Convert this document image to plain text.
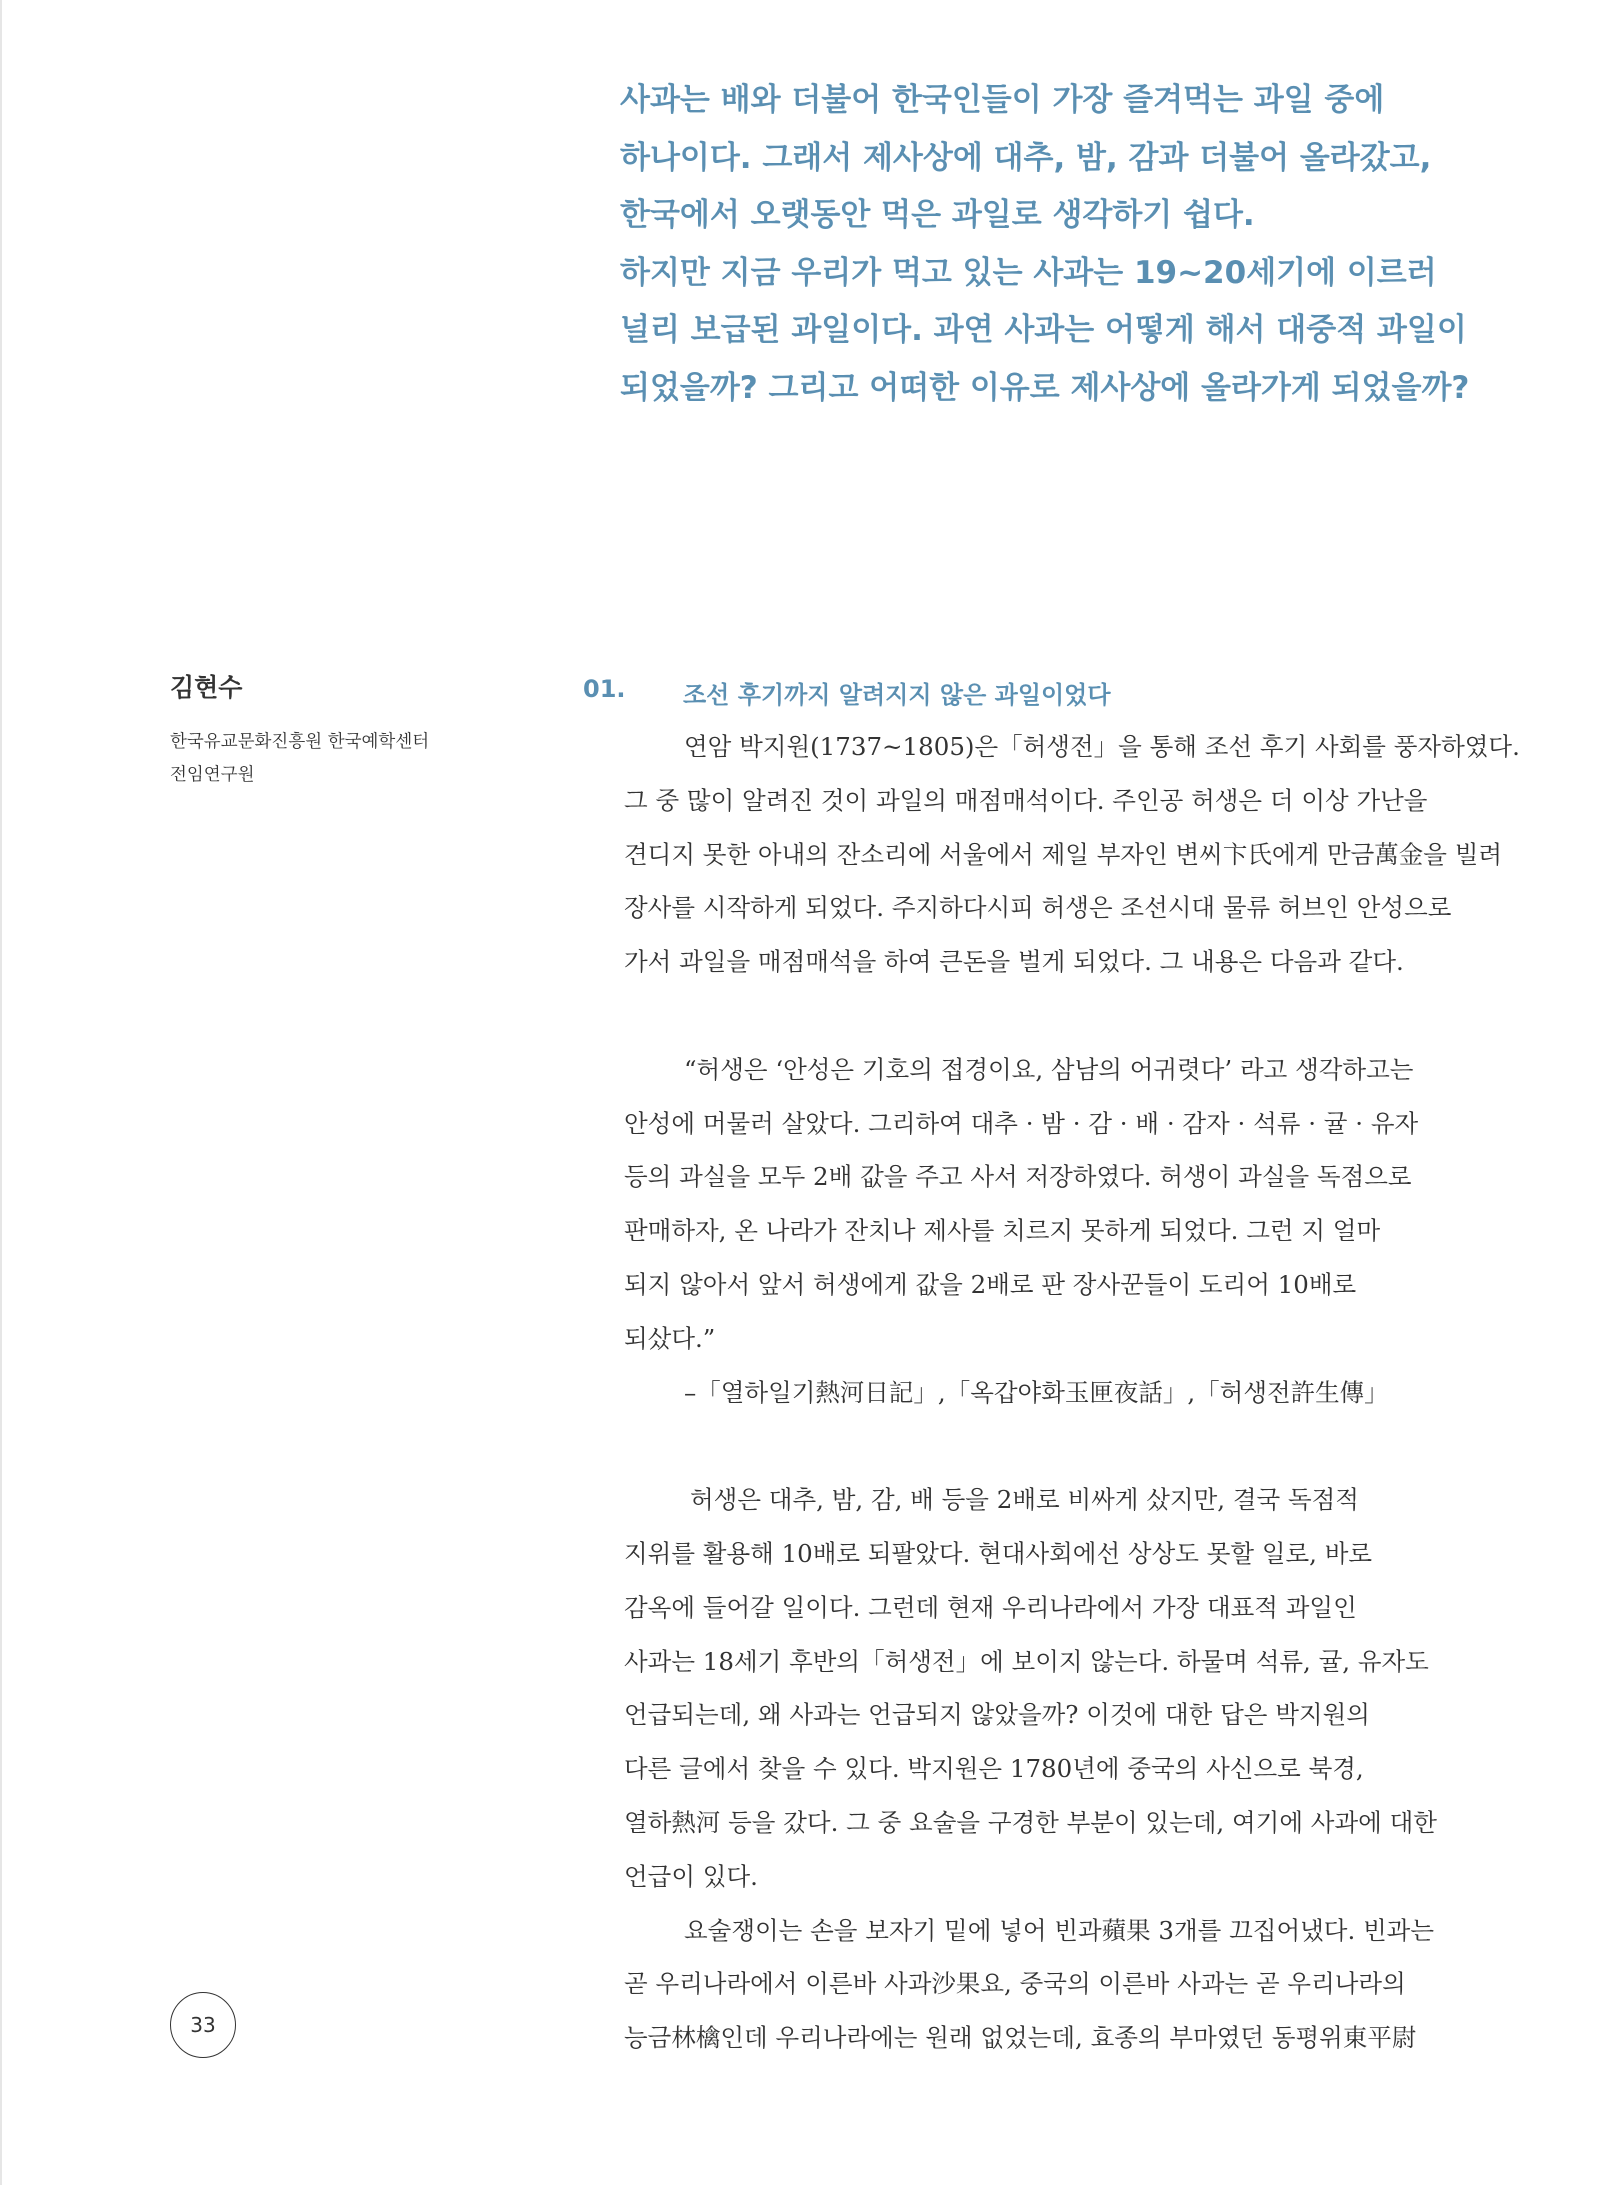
사과는 배와 더불어 한국인들이 가장 즐겨먹는 과일 중에
하나이다. 그래서 제사상에 대추, 밤, 감과 더불어 올라갔고,
한국에서 오랫동안 먹은 과일로 생각하기 쉽다.
하지만 지금 우리가 먹고 있는 사과는 19~20세기에 이르러
널리 보급된 과일이다. 과연 사과는 어떻게 해서 대중적 과일이
되었을까? 그리고 어떠한 이유로 제사상에 올라가게 되었을까?
김현수
한국유교문화진흥원 한국예학센터
전임연구원
01. 조선 후기까지 알려지지 않은 과일이었다
연암 박지원(1737~1805)은「허생전」을 통해 조선 후기 사회를 풍자하였다.
그 중 많이 알려진 것이 과일의 매점매석이다. 주인공 허생은 더 이상 가난을
견디지 못한 아내의 잔소리에 서울에서 제일 부자인 변씨卞氏에게 만금萬金을 빌려
장사를 시작하게 되었다. 주지하다시피 허생은 조선시대 물류 허브인 안성으로
가서 과일을 매점매석을 하여 큰돈을 벌게 되었다. 그 내용은 다음과 같다.
“허생은 ‘안성은 기호의 접경이요, 삼남의 어귀렷다’ 라고 생각하고는
안성에 머물러 살았다. 그리하여 대추 · 밤 · 감 · 배 · 감자 · 석류 · 귤 · 유자
등의 과실을 모두 2배 값을 주고 사서 저장하였다. 허생이 과실을 독점으로
판매하자, 온 나라가 잔치나 제사를 치르지 못하게 되었다. 그런 지 얼마
되지 않아서 앞서 허생에게 값을 2배로 판 장사꾼들이 도리어 10배로
되샀다.”
–「열하일기熱河日記」,「옥갑야화玉匣夜話」,「허생전許生傳」
허생은 대추, 밤, 감, 배 등을 2배로 비싸게 샀지만, 결국 독점적
지위를 활용해 10배로 되팔았다. 현대사회에선 상상도 못할 일로, 바로
감옥에 들어갈 일이다. 그런데 현재 우리나라에서 가장 대표적 과일인
사과는 18세기 후반의「허생전」에 보이지 않는다. 하물며 석류, 귤, 유자도
언급되는데, 왜 사과는 언급되지 않았을까? 이것에 대한 답은 박지원의
다른 글에서 찾을 수 있다. 박지원은 1780년에 중국의 사신으로 북경,
열하熱河 등을 갔다. 그 중 요술을 구경한 부분이 있는데, 여기에 사과에 대한
언급이 있다.
요술쟁이는 손을 보자기 밑에 넣어 빈과蘋果 3개를 끄집어냈다. 빈과는
곧 우리나라에서 이른바 사과沙果요, 중국의 이른바 사과는 곧 우리나라의
능금林檎인데 우리나라에는 원래 없었는데, 효종의 부마였던 동평위東平尉
33
